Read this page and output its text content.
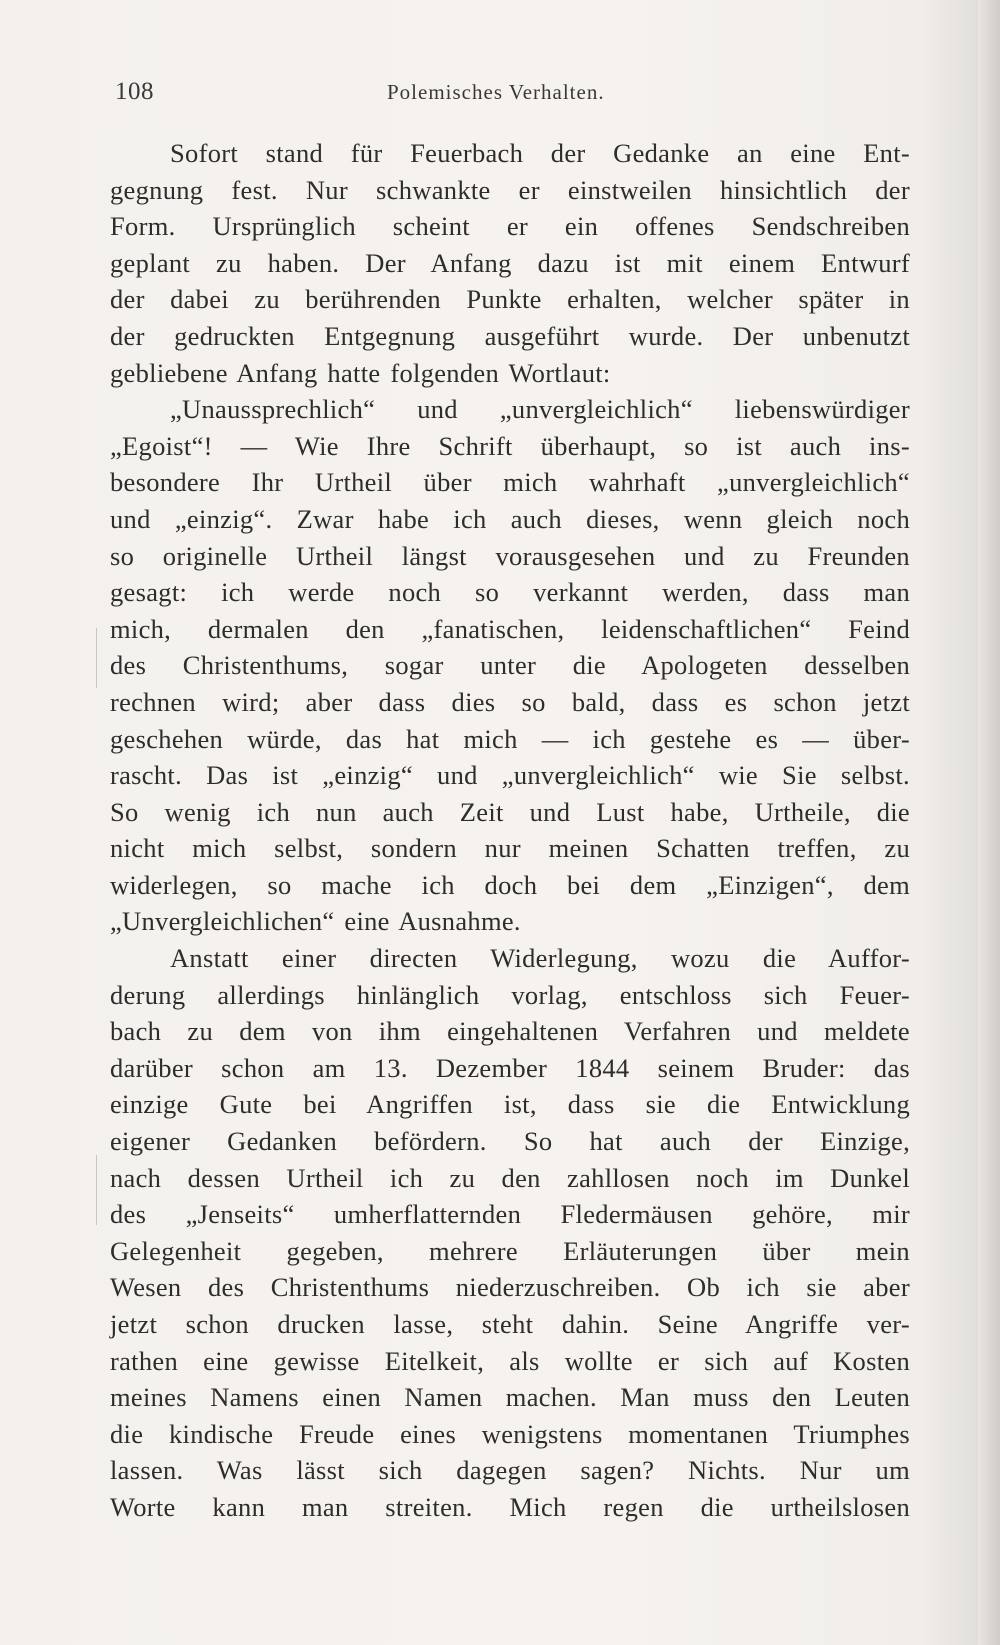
108	Polemisches Verhalten.
Sofort stand für Feuerbach der Gedanke an eine Ent-
gegnung fest. Nur schwankte er einstweilen hinsichtlich der
Form. Ursprünglich scheint er ein offenes Sendschreiben
geplant zu haben. Der Anfang dazu ist mit einem Entwurf
der dabei zu berührenden Punkte erhalten, welcher später in
der gedruckten Entgegnung ausgeführt wurde. Der unbenutzt
gebliebene Anfang hatte folgenden Wortlaut:
„Unaussprechlich“ und „unvergleichlich“ liebenswürdiger
„Egoist“! — Wie Ihre Schrift überhaupt, so ist auch ins-
besondere Ihr Urtheil über mich wahrhaft „unvergleichlich“
und „einzig“. Zwar habe ich auch dieses, wenn gleich noch
so originelle Urtheil längst vorausgesehen und zu Freunden
gesagt: ich werde noch so verkannt werden, dass man
mich, dermalen den „fanatischen, leidenschaftlichen“ Feind
des Christenthums, sogar unter die Apologeten desselben
rechnen wird; aber dass dies so bald, dass es schon jetzt
geschehen würde, das hat mich — ich gestehe es — über-
rascht. Das ist „einzig“ und „unvergleichlich“ wie Sie selbst.
So wenig ich nun auch Zeit und Lust habe, Urtheile, die
nicht mich selbst, sondern nur meinen Schatten treffen, zu
widerlegen, so mache ich doch bei dem „Einzigen“, dem
„Unvergleichlichen“ eine Ausnahme.
Anstatt einer directen Widerlegung, wozu die Auffor-
derung allerdings hinlänglich vorlag, entschloss sich Feuer-
bach zu dem von ihm eingehaltenen Verfahren und meldete
darüber schon am 13. Dezember 1844 seinem Bruder: das
einzige Gute bei Angriffen ist, dass sie die Entwicklung
eigener Gedanken befördern. So hat auch der Einzige,
nach dessen Urtheil ich zu den zahllosen noch im Dunkel
des „Jenseits“ umherflatternden Fledermäusen gehöre, mir
Gelegenheit gegeben, mehrere Erläuterungen über mein
Wesen des Christenthums niederzuschreiben. Ob ich sie aber
jetzt schon drucken lasse, steht dahin. Seine Angriffe ver-
rathen eine gewisse Eitelkeit, als wollte er sich auf Kosten
meines Namens einen Namen machen. Man muss den Leuten
die kindische Freude eines wenigstens momentanen Triumphes
lassen. Was lässt sich dagegen sagen? Nichts. Nur um
Worte kann man streiten. Mich regen die urtheilslosen
